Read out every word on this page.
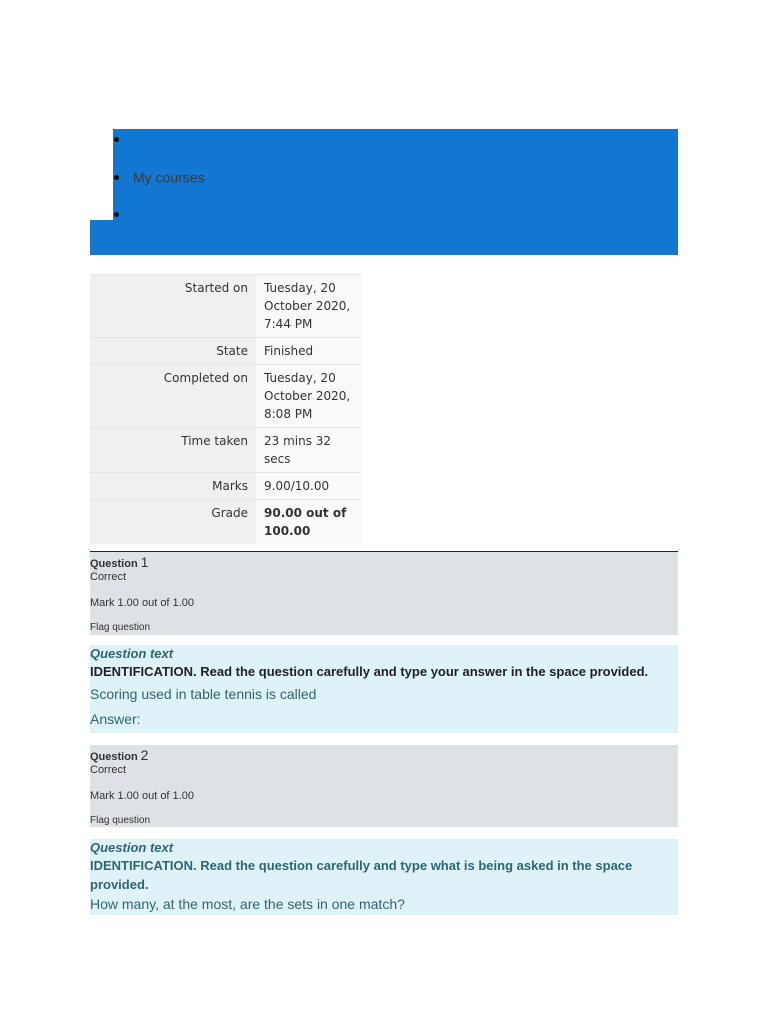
My courses
Started on	Tuesday, 20 October 2020, 7:44 PM
State	Finished
Completed on	Tuesday, 20 October 2020, 8:08 PM
Time taken	23 mins 32 secs
Marks	9.00/10.00
Grade	90.00 out of 100.00
Question 1
Correct
Mark 1.00 out of 1.00
Flag question
Question text
IDENTIFICATION. Read the question carefully and type your answer in the space provided.
Scoring used in table tennis is called
Answer:
Question 2
Correct
Mark 1.00 out of 1.00
Flag question
Question text
IDENTIFICATION. Read the question carefully and type what is being asked in the space provided.
How many, at the most, are the sets in one match?
